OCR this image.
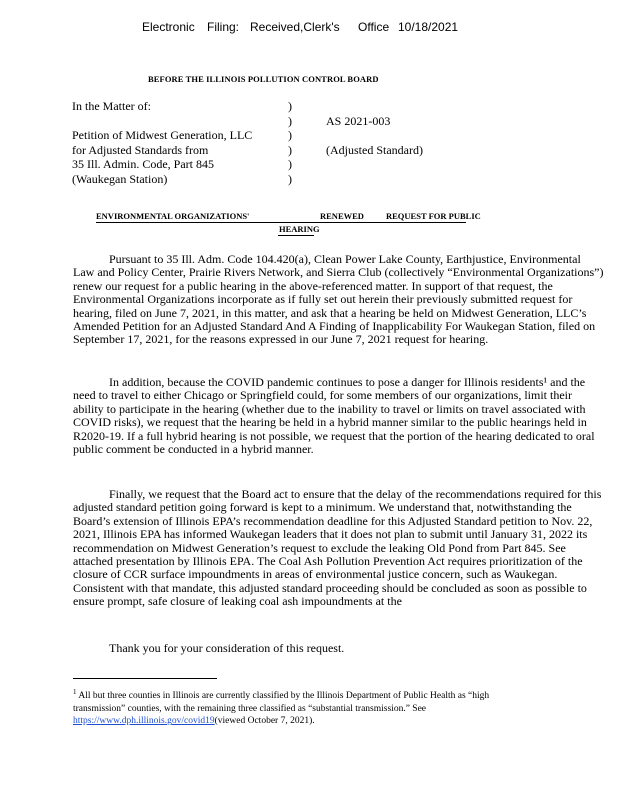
Electronic Filing: Received,Clerk's Office 10/18/2021
BEFORE THE ILLINOIS POLLUTION CONTROL BOARD
In the Matter of:
Petition of Midwest Generation, LLC
for Adjusted Standards from
35 Ill. Admin. Code, Part 845
(Waukegan Station)
)
)
)
)
)
)
AS 2021-003
(Adjusted Standard)
ENVIRONMENTAL ORGANIZATIONS'	RENEWED	REQUEST FOR PUBLIC
HEARING

Pursuant to 35 Ill. Adm. Code 104.420(a), Clean Power Lake County, Earthjustice, Environmental Law and Policy Center, Prairie Rivers Network, and Sierra Club (collectively “Environmental Organizations”) renew our request for a public hearing in the above-referenced matter. In support of that request, the Environmental Organizations incorporate as if fully set out herein their previously submitted request for hearing, filed on June 7, 2021, in this matter, and ask that a hearing be held on Midwest Generation, LLC’s Amended Petition for an Adjusted Standard And A Finding of Inapplicability For Waukegan Station, filed on September 17, 2021, for the reasons expressed in our June 7, 2021 request for hearing.

In addition, because the COVID pandemic continues to pose a danger for Illinois residents¹ and the need to travel to either Chicago or Springfield could, for some members of our organizations, limit their ability to participate in the hearing (whether due to the inability to travel or limits on travel associated with COVID risks), we request that the hearing be held in a hybrid manner similar to the public hearings held in R2020-19. If a full hybrid hearing is not possible, we request that the portion of the hearing dedicated to oral public comment be conducted in a hybrid manner.

Finally, we request that the Board act to ensure that the delay of the recommendations required for this adjusted standard petition going forward is kept to a minimum. We understand that, notwithstanding the Board’s extension of Illinois EPA’s recommendation deadline for this Adjusted Standard petition to Nov. 22, 2021, Illinois EPA has informed Waukegan leaders that it does not plan to submit until January 31, 2022 its recommendation on Midwest Generation’s request to exclude the leaking Old Pond from Part 845. See attached presentation by Illinois EPA. The Coal Ash Pollution Prevention Act requires prioritization of the closure of CCR surface impoundments in areas of environmental justice concern, such as Waukegan. Consistent with that mandate, this adjusted standard proceeding should be concluded as soon as possible to ensure prompt, safe closure of leaking coal ash impoundments at the

Thank you for your consideration of this request.

$^1$ All but three counties in Illinois are currently classified by the Illinois Department of Public Health as “high transmission” counties, with the remaining three classified as “substantial transmission.” See https://www.dph.illinois.gov/covid19(viewed October 7, 2021).
